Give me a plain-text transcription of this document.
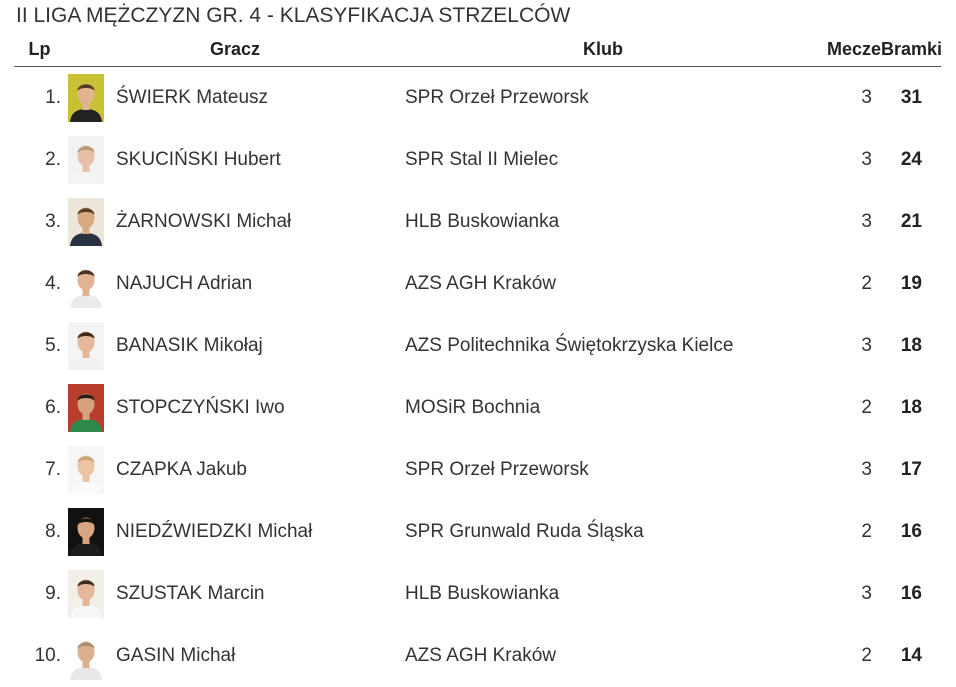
II LIGA MĘŻCZYZN GR. 4 - KLASYFIKACJA STRZELCÓW
Lp	Gracz		Klub	Mecze	Bramki
1.		ŚWIERK Mateusz	SPR Orzeł Przeworsk	3	31
2.		SKUCIŃSKI Hubert	SPR Stal II Mielec	3	24
3.		ŻARNOWSKI Michał	HLB Buskowianka	3	21
4.		NAJUCH Adrian	AZS AGH Kraków	2	19
5.		BANASIK Mikołaj	AZS Politechnika Świętokrzyska Kielce	3	18
6.		STOPCZYŃSKI Iwo	MOSiR Bochnia	2	18
7.		CZAPKA Jakub	SPR Orzeł Przeworsk	3	17
8.		NIEDŹWIEDZKI Michał	SPR Grunwald Ruda Śląska	2	16
9.		SZUSTAK Marcin	HLB Buskowianka	3	16
10.		GASIN Michał	AZS AGH Kraków	2	14
